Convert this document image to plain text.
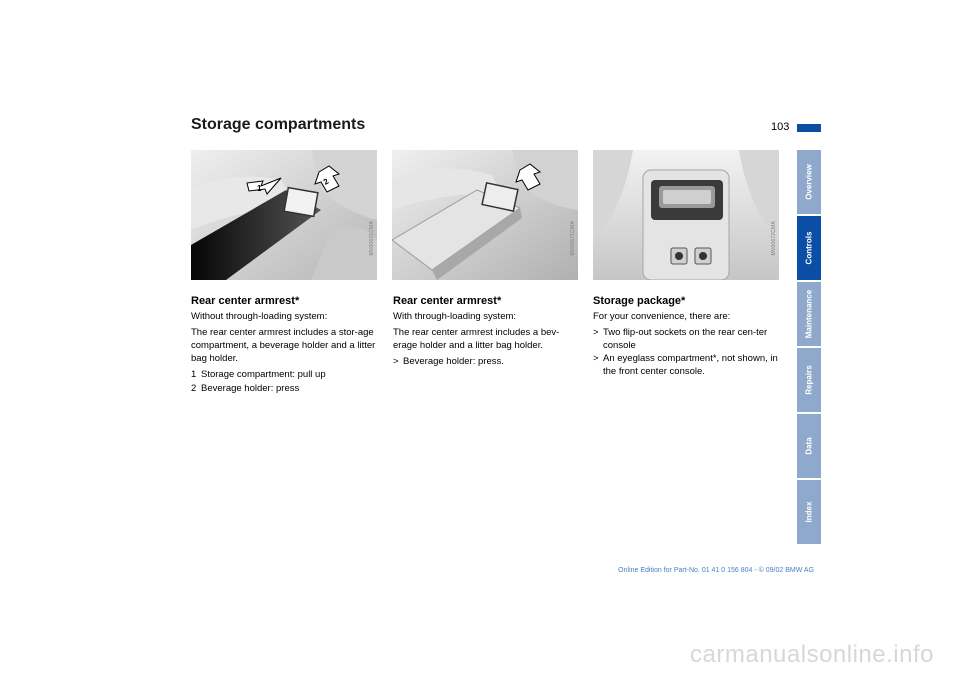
Storage compartments	103
1
2
MV00621CMA	MV00671CMA	MV00672CMA
Rear center armrest*

Without through-loading system:

The rear center armrest includes a stor-age compartment, a beverage holder and a litter bag holder.

1 Storage compartment: pull up
2 Beverage holder: press
Rear center armrest*

With through-loading system:

The rear center armrest includes a bev-erage holder and a litter bag holder.

> Beverage holder: press.
Storage package*

For your convenience, there are:

> Two flip-out sockets on the rear cen-ter console
> An eyeglass compartment*, not shown, in the front center console.
Overview
Controls
Maintenance
Repairs
Data
Index
Online Edition for Part-No. 01 41 0 156 804 - © 09/02 BMW AG
carmanualsonline.info
